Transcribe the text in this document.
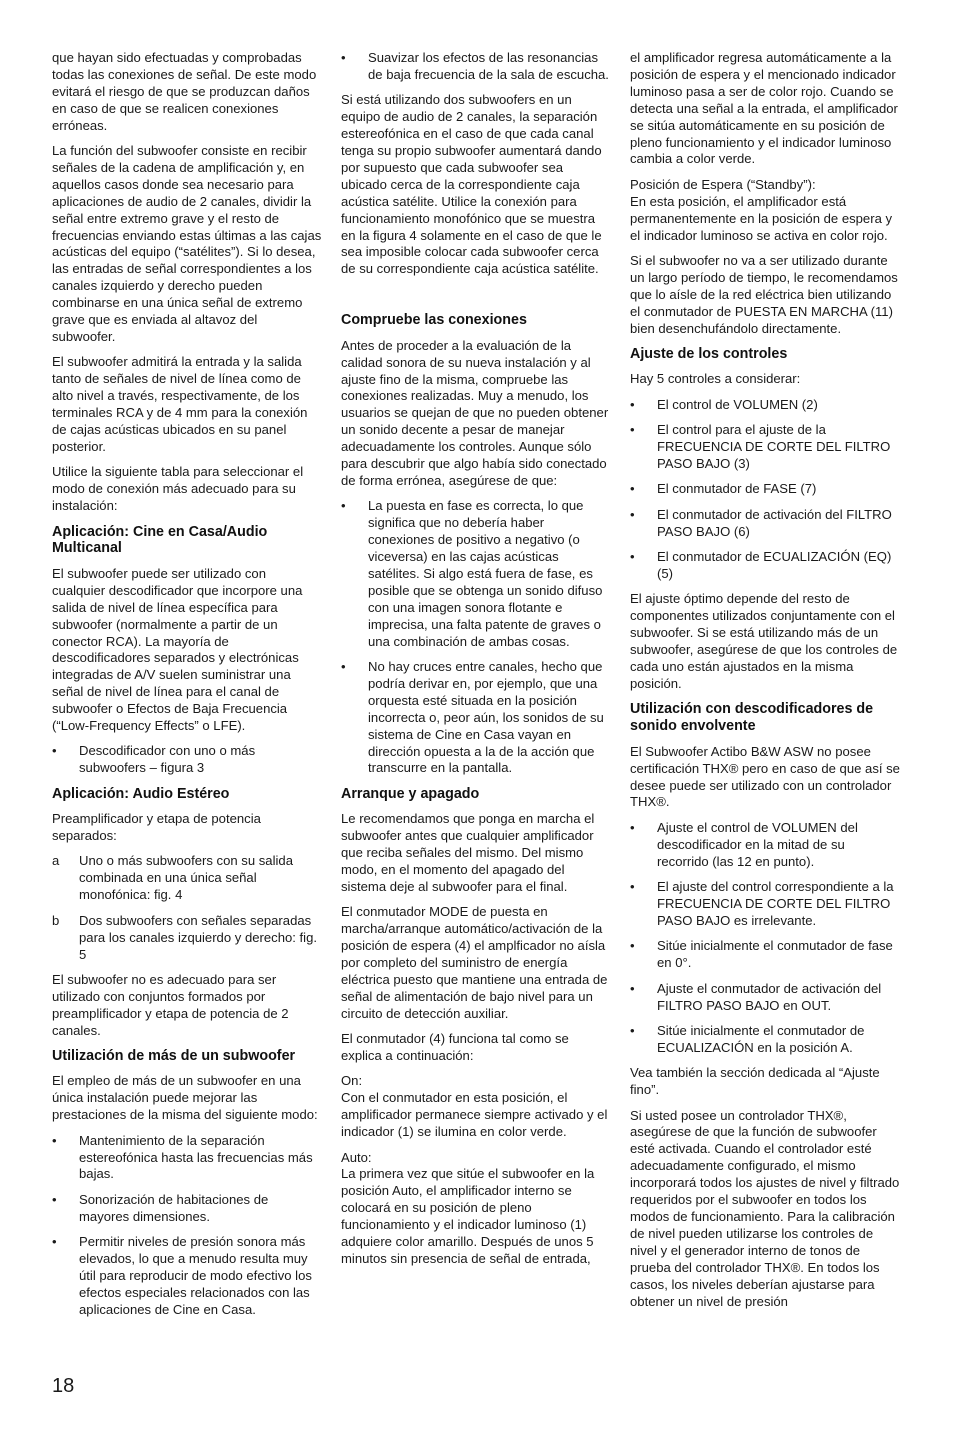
que hayan sido efectuadas y comprobadas todas las conexiones de señal. De este modo evitará el riesgo de que se produzcan daños en caso de que se realicen conexiones erróneas.

La función del subwoofer consiste en recibir señales de la cadena de amplificación y, en aquellos casos donde sea necesario para aplicaciones de audio de 2 canales, dividir la señal entre extremo grave y el resto de frecuencias enviando estas últimas a las cajas acústicas del equipo (“satélites”). Si lo desea, las entradas de señal correspondientes a los canales izquierdo y derecho pueden combinarse en una única señal de extremo grave que es enviada al altavoz del subwoofer.

El subwoofer admitirá la entrada y la salida tanto de señales de nivel de línea como de alto nivel a través, respectivamente, de los terminales RCA y de 4 mm para la conexión de cajas acústicas ubicados en su panel posterior.

Utilice la siguiente tabla para seleccionar el modo de conexión más adecuado para su instalación:

Aplicación: Cine en Casa/Audio Multicanal

El subwoofer puede ser utilizado con cualquier descodificador que incorpore una salida de nivel de línea específica para subwoofer (normalmente a partir de un conector RCA). La mayoría de descodificadores separados y electrónicas integradas de A/V suelen suministrar una señal de nivel de línea para el canal de subwoofer o Efectos de Baja Frecuencia (“Low-Frequency Effects” o LFE).

• Descodificador con uno o más subwoofers – figura 3
Aplicación: Audio Estéreo

Preamplificador y etapa de potencia separados:

a Uno o más subwoofers con su salida combinada en una única señal monofónica: fig. 4
b Dos subwoofers con señales separadas para los canales izquierdo y derecho: fig. 5

El subwoofer no es adecuado para ser utilizado con conjuntos formados por preamplificador y etapa de potencia de 2 canales.

Utilización de más de un subwoofer

El empleo de más de un subwoofer en una única instalación puede mejorar las prestaciones de la misma del siguiente modo:

• Mantenimiento de la separación estereofónica hasta las frecuencias más bajas.
• Sonorización de habitaciones de mayores dimensiones.
• Permitir niveles de presión sonora más elevados, lo que a menudo resulta muy útil para reproducir de modo efectivo los efectos especiales relacionados con las aplicaciones de Cine en Casa.
• Suavizar los efectos de las resonancias de baja frecuencia de la sala de escucha.

Si está utilizando dos subwoofers en un equipo de audio de 2 canales, la separación estereofónica en el caso de que cada canal tenga su propio subwoofer aumentará dando por supuesto que cada subwoofer sea ubicado cerca de la correspondiente caja acústica satélite. Utilice la conexión para funcionamiento monofónico que se muestra en la figura 4 solamente en el caso de que le sea imposible colocar cada subwoofer cerca de su correspondiente caja acústica satélite.

Compruebe las conexiones

Antes de proceder a la evaluación de la calidad sonora de su nueva instalación y al ajuste fino de la misma, compruebe las conexiones realizadas. Muy a menudo, los usuarios se quejan de que no pueden obtener un sonido decente a pesar de manejar adecuadamente los controles. Aunque sólo para descubrir que algo había sido conectado de forma errónea, asegúrese de que:

• La puesta en fase es correcta, lo que significa que no debería haber conexiones de positivo a negativo (o viceversa) en las cajas acústicas satélites. Si algo está fuera de fase, es posible que se obtenga un sonido difuso con una imagen sonora flotante e imprecisa, una falta patente de graves o una combinación de ambas cosas.
• No hay cruces entre canales, hecho que podría derivar en, por ejemplo, que una orquesta esté situada en la posición incorrecta o, peor aún, los sonidos de su sistema de Cine en Casa vayan en dirección opuesta a la de la acción que transcurre en la pantalla.
Arranque y apagado

Le recomendamos que ponga en marcha el subwoofer antes que cualquier amplificador que reciba señales del mismo. Del mismo modo, en el momento del apagado del sistema deje al subwoofer para el final.

El conmutador MODE de puesta en marcha/arranque automático/activación de la posición de espera (4) el amplficador no aísla por completo del suministro de energía eléctrica puesto que mantiene una entrada de señal de alimentación de bajo nivel para un circuito de detección auxiliar.

El conmutador (4) funciona tal como se explica a continuación:

On:
Con el conmutador en esta posición, el amplificador permanece siempre activado y el indicador (1) se ilumina en color verde.

Auto:
La primera vez que sitúe el subwoofer en la posición Auto, el amplificador interno se colocará en su posición de pleno funcionamiento y el indicador luminoso (1) adquiere color amarillo. Después de unos 5 minutos sin presencia de señal de entrada,

el amplificador regresa automáticamente a la posición de espera y el mencionado indicador luminoso pasa a ser de color rojo. Cuando se detecta una señal a la entrada, el amplificador se sitúa automáticamente en su posición de pleno funcionamiento y el indicador luminoso cambia a color verde.

Posición de Espera (“Standby”):
En esta posición, el amplificador está permanentemente en la posición de espera y el indicador luminoso se activa en color rojo.

Si el subwoofer no va a ser utilizado durante un largo período de tiempo, le recomendamos que lo aísle de la red eléctrica bien utilizando el conmutador de PUESTA EN MARCHA (11) bien desenchufándolo directamente.

Ajuste de los controles

Hay 5 controles a considerar:

• El control de VOLUMEN (2)
• El control para el ajuste de la FRECUENCIA DE CORTE DEL FILTRO PASO BAJO (3)
• El conmutador de FASE (7)
• El conmutador de activación del FILTRO PASO BAJO (6)
• El conmutador de ECUALIZACIÓN (EQ) (5)

El ajuste óptimo depende del resto de componentes utilizados conjuntamente con el subwoofer. Si se está utilizando más de un subwoofer, asegúrese de que los controles de cada uno están ajustados en la misma posición.

Utilización con descodificadores de sonido envolvente

El Subwoofer Actibo B&W ASW no posee certificación THX® pero en caso de que así se desee puede ser utilizado con un controlador THX®.

• Ajuste el control de VOLUMEN del descodificador en la mitad de su recorrido (las 12 en punto).
• El ajuste del control correspondiente a la FRECUENCIA DE CORTE DEL FILTRO PASO BAJO es irrelevante.
• Sitúe inicialmente el conmutador de fase en 0°.
• Ajuste el conmutador de activación del FILTRO PASO BAJO en OUT.
• Sitúe inicialmente el conmutador de ECUALIZACIÓN en la posición A.

Vea también la sección dedicada al “Ajuste fino”.

Si usted posee un controlador THX®, asegúrese de que la función de subwoofer esté activada. Cuando el controlador esté adecuadamente configurado, el mismo incorporará todos los ajustes de nivel y filtrado requeridos por el subwoofer en todos los modos de funcionamiento. Para la calibración de nivel pueden utilizarse los controles de nivel y el generador interno de tonos de prueba del controlador THX®. En todos los casos, los niveles deberían ajustarse para obtener un nivel de presión

18
